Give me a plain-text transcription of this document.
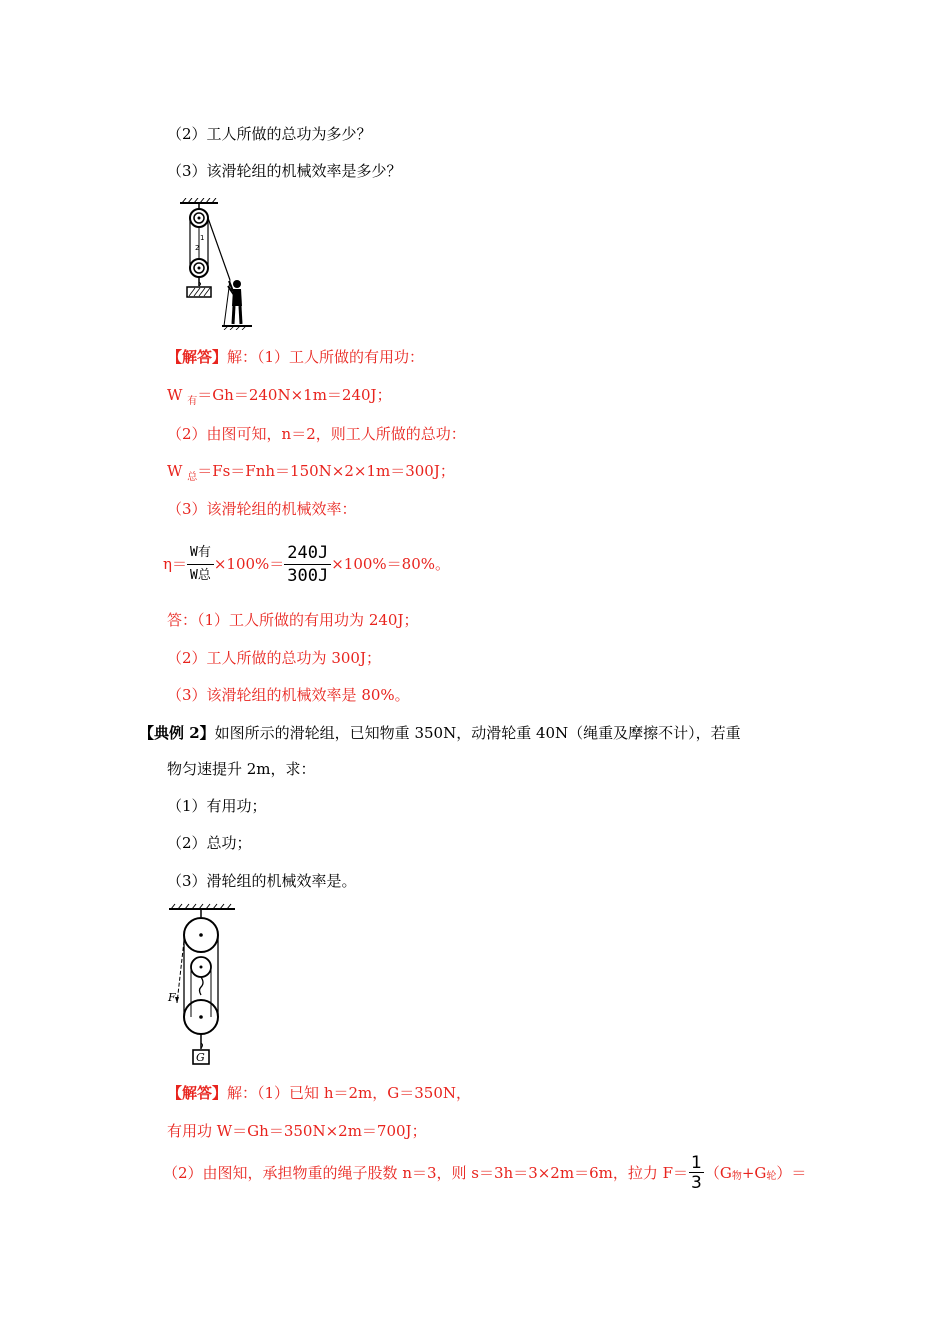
（2）工人所做的总功为多少？
（3）该滑轮组的机械效率是多少？
1
2
【解答】解：（1）工人所做的有用功：
W $_有$＝Gh＝240N×1m＝240J；
（2）由图可知，n＝2，则工人所做的总功：
W $_总$＝Fs＝Fnh＝150N×2×1m＝300J；
（3）该滑轮组的机械效率：
$\eta= \frac{\text{W有}}{\text{W总}} \times 100\%= \frac{240J}{300J} \times 100\%=80\%$。
答：（1）工人所做的有用功为 240J；
（2）工人所做的总功为 300J；
（3）该滑轮组的机械效率是 80%。
【典例 2】如图所示的滑轮组，已知物重 350N，动滑轮重 40N（绳重及摩擦不计），若重
物匀速提升 2m，求：
（1）有用功；
（2）总功；
（3）滑轮组的机械效率是。
F
G
【解答】解：（1）已知 h＝2m，G＝350N，
有用功 W＝Gh＝350N×2m＝700J；
（2）由图知，承担物重的绳子股数 n＝3，则 s＝3h＝3×2m＝6m，拉力 $F= \frac{1}{3} (G$ 物 +G 轮 ）＝
